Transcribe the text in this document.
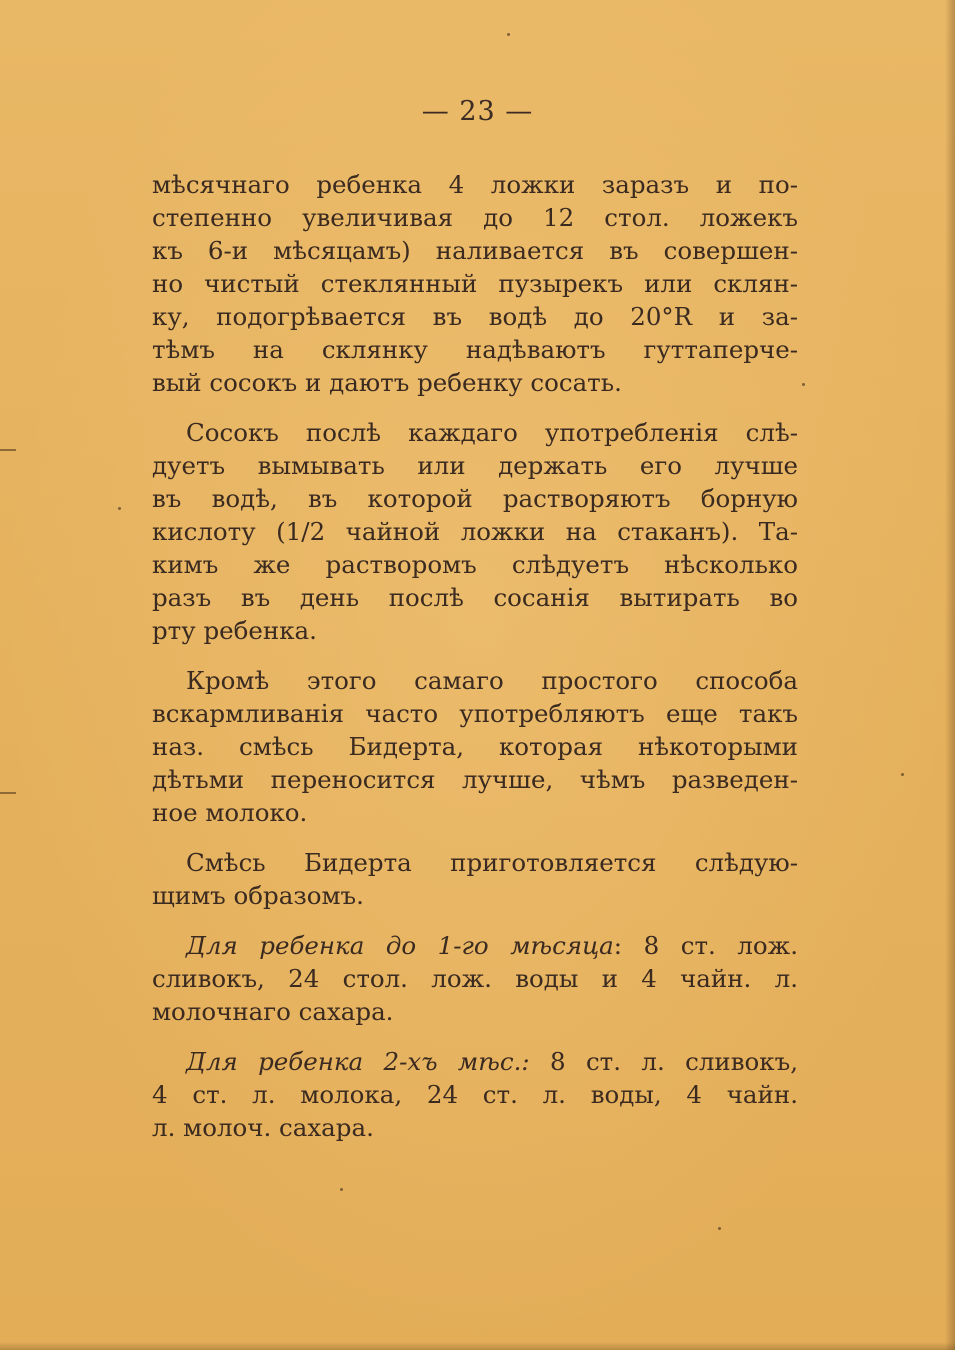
— 23 —
мѣсячнаго ребенка 4 ложки заразъ и по-
степенно увеличивая до 12 стол. ложекъ
къ 6-и мѣсяцамъ) наливается въ совершен-
но чистый стеклянный пузырекъ или склян-
ку, подогрѣвается въ водѣ до 20°R и за-
тѣмъ на склянку надѣваютъ гуттаперче-
вый сосокъ и даютъ ребенку сосать.
Сосокъ послѣ каждаго употребленія слѣ-
дуетъ вымывать или держать его лучше
въ водѣ, въ которой растворяютъ борную
кислоту (1/2 чайной ложки на стаканъ). Та-
кимъ же растворомъ слѣдуетъ нѣсколько
разъ въ день послѣ сосанія вытирать во
рту ребенка.
Кромѣ этого самаго простого способа
вскармливанія часто употребляютъ еще такъ
наз. смѣсь Бидерта, которая нѣкоторыми
дѣтьми переносится лучше, чѣмъ разведен-
ное молоко.
Смѣсь Бидерта приготовляется слѣдую-
щимъ образомъ.
Для ребенка до 1-го мѣсяца: 8 ст. лож.
сливокъ, 24 стол. лож. воды и 4 чайн. л.
молочнаго сахара.
Для ребенка 2-хъ мѣс.: 8 ст. л. сливокъ,
4 ст. л. молока, 24 ст. л. воды, 4 чайн.
л. молоч. сахара.
